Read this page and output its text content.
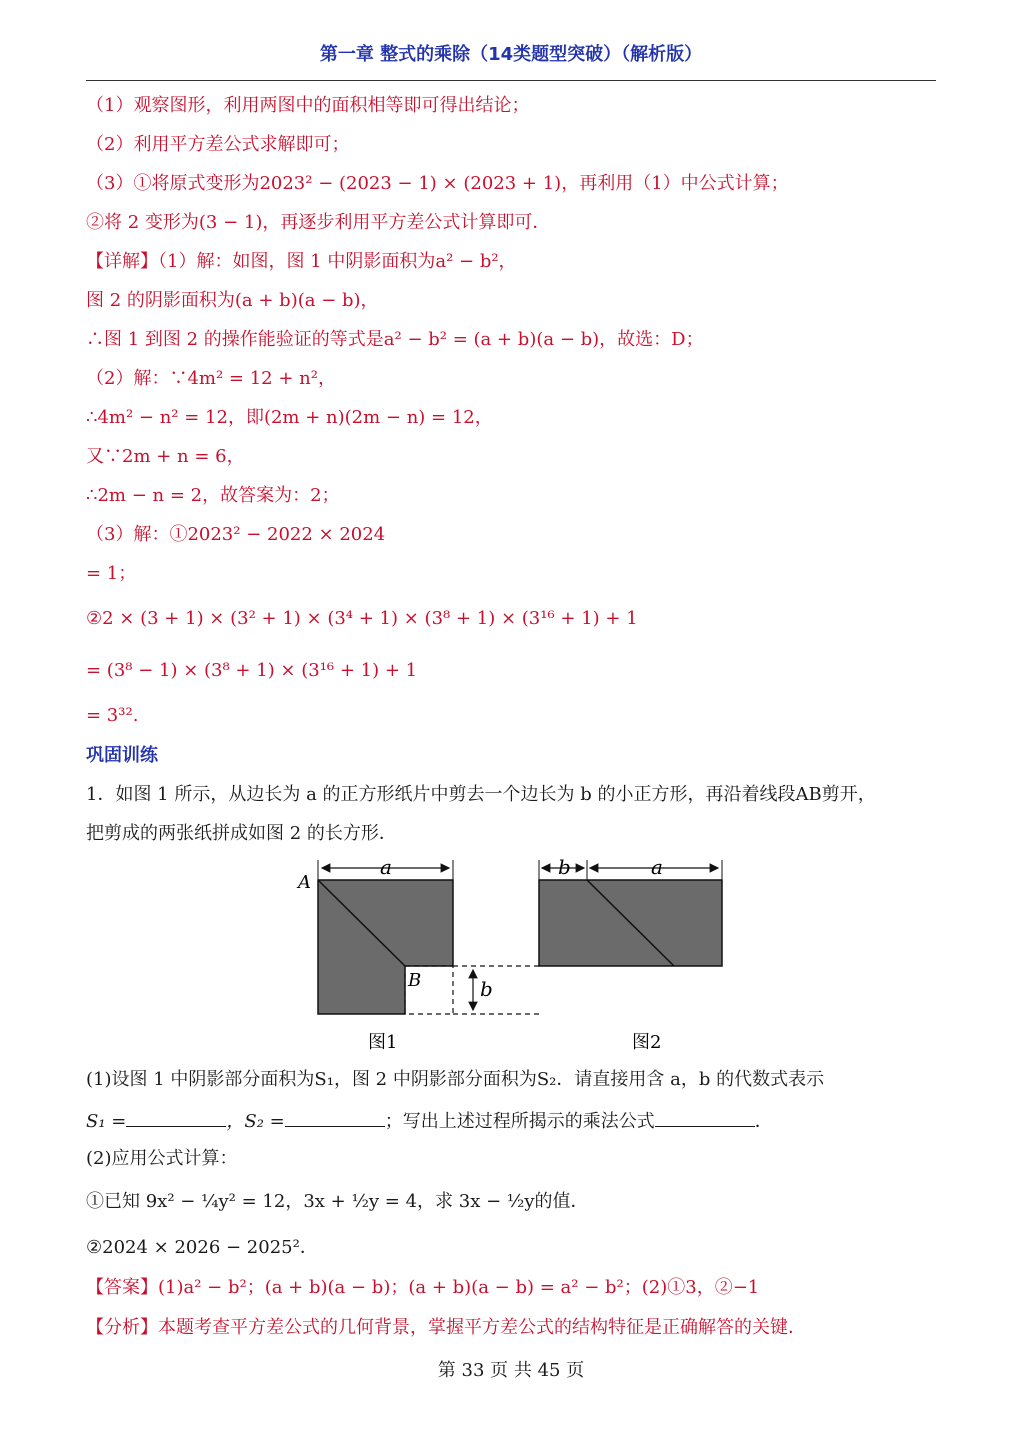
第一章 整式的乘除（14类题型突破）（解析版）
（1）观察图形，利用两图中的面积相等即可得出结论；
（2）利用平方差公式求解即可；
（3）①将原式变形为2023² − (2023 − 1) × (2023 + 1)，再利用（1）中公式计算；
②将 2 变形为(3 − 1)，再逐步利用平方差公式计算即可．
【详解】（1）解：如图，图 1 中阴影面积为a² − b²，
图 2 的阴影面积为(a + b)(a − b)，
∴图 1 到图 2 的操作能验证的等式是a² − b² = (a + b)(a − b)，故选：D；
（2）解：∵4m² = 12 + n²，
∴4m² − n² = 12，即(2m + n)(2m − n) = 12，
又∵2m + n = 6，
∴2m − n = 2，故答案为：2；
（3）解：①2023² − 2022 × 2024
= 1；
②2 × (3 + 1) × (3² + 1) × (3⁴ + 1) × (3⁸ + 1) × (3¹⁶ + 1) + 1
= (3⁸ − 1) × (3⁸ + 1) × (3¹⁶ + 1) + 1
= 3³².
巩固训练
1．如图 1 所示，从边长为 a 的正方形纸片中剪去一个边长为 b 的小正方形，再沿着线段AB剪开，
把剪成的两张纸拼成如图 2 的长方形．
A
B
a
b
图1
b	a
图2
(1)设图 1 中阴影部分面积为S₁，图 2 中阴影部分面积为S₂．请直接用含 a，b 的代数式表示
S₁ =	，S₂ =	；写出上述过程所揭示的乘法公式	．
(2)应用公式计算：
①已知 9x² − ¼y² = 12，3x + ½y = 4，求 3x − ½y的值．
②2024 × 2026 − 2025²．
【答案】(1)a² − b²；(a + b)(a − b)；(a + b)(a − b) = a² − b²；(2)①3，②−1
【分析】本题考查平方差公式的几何背景，掌握平方差公式的结构特征是正确解答的关键．
第 33 页 共 45 页
